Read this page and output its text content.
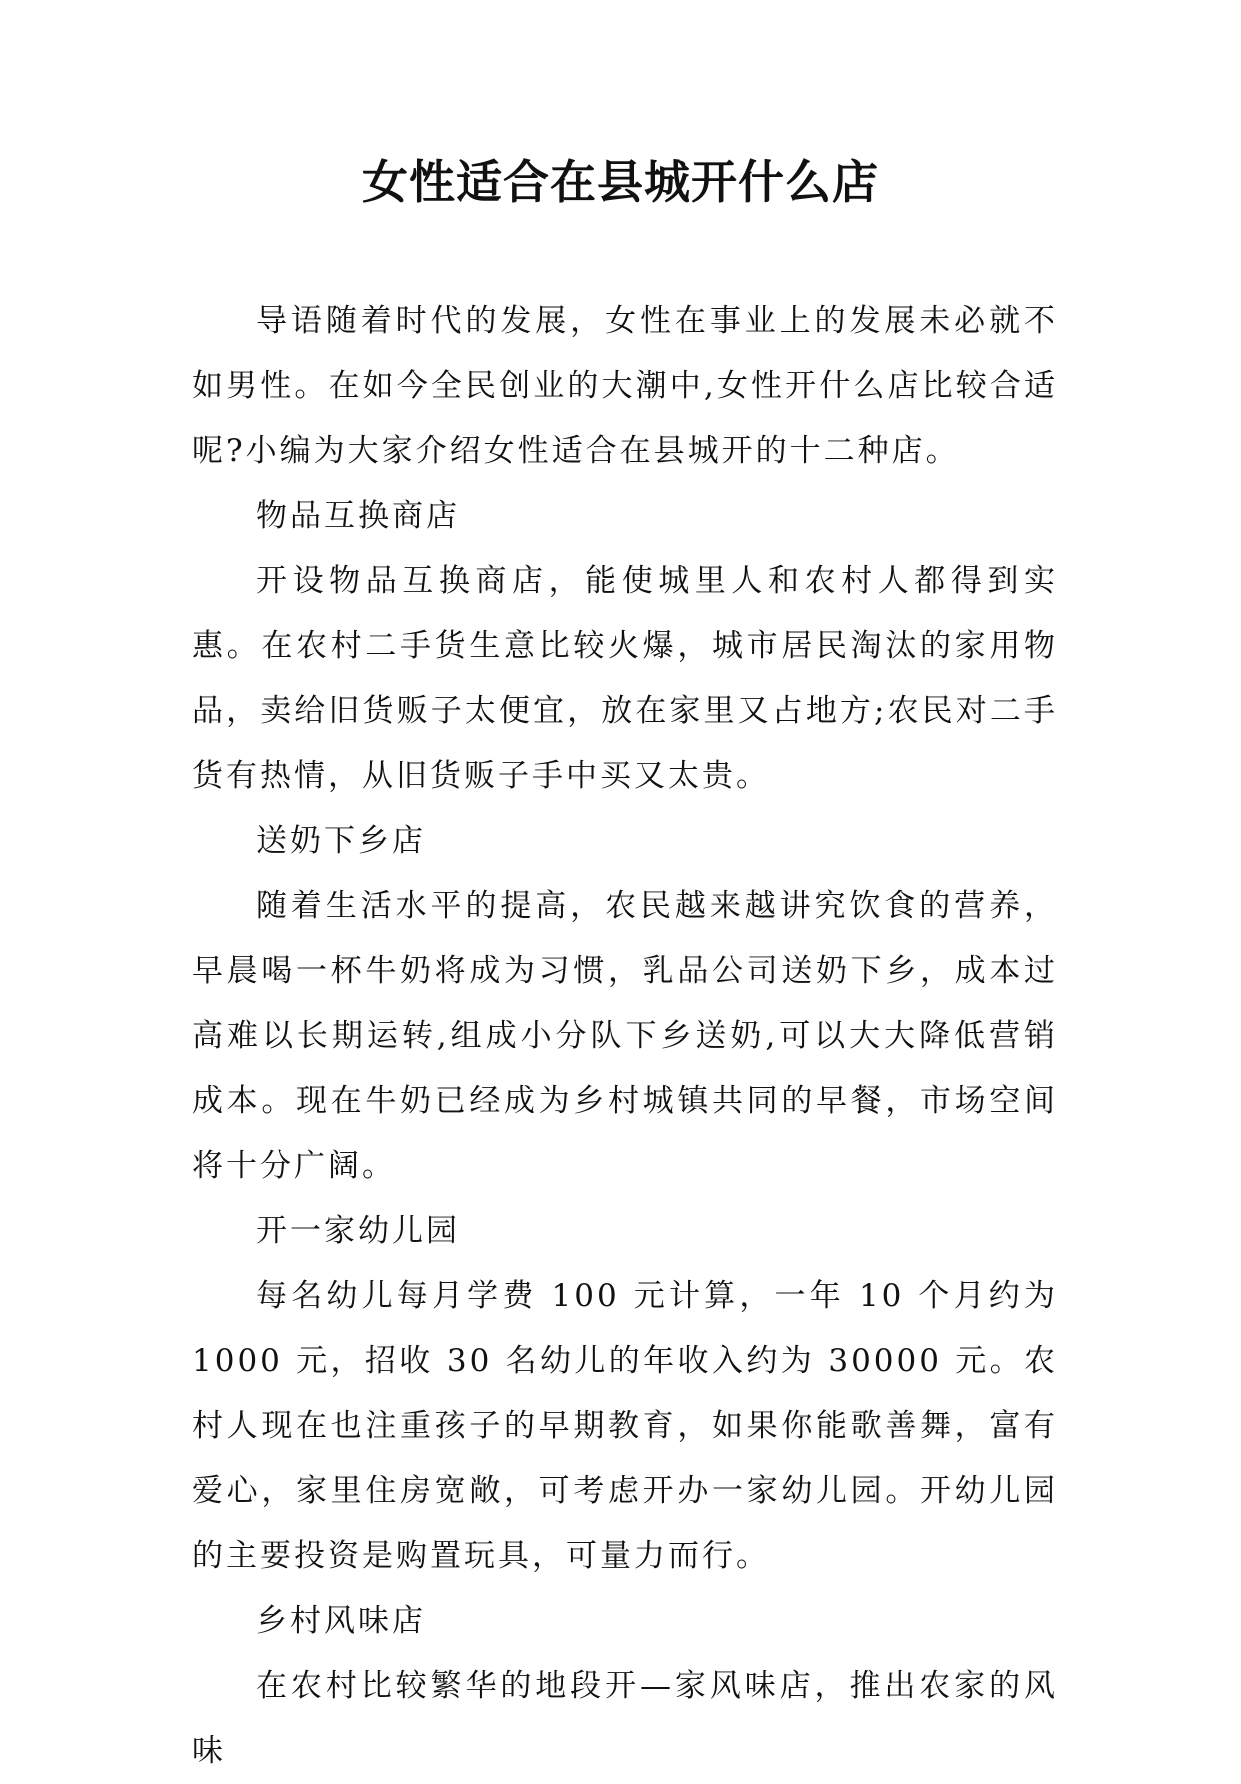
女性适合在县城开什么店

导语随着时代的发展，女性在事业上的发展未必就不如男性。在如今全民创业的大潮中,女性开什么店比较合适呢?小编为大家介绍女性适合在县城开的十二种店。

物品互换商店

开设物品互换商店，能使城里人和农村人都得到实惠。在农村二手货生意比较火爆，城市居民淘汰的家用物品，卖给旧货贩子太便宜，放在家里又占地方;农民对二手货有热情，从旧货贩子手中买又太贵。

送奶下乡店

随着生活水平的提高，农民越来越讲究饮食的营养，早晨喝一杯牛奶将成为习惯，乳品公司送奶下乡，成本过高难以长期运转,组成小分队下乡送奶,可以大大降低营销成本。现在牛奶已经成为乡村城镇共同的早餐，市场空间将十分广阔。

开一家幼儿园

每名幼儿每月学费 100 元计算，一年 10 个月约为 1000 元，招收 30 名幼儿的年收入约为 30000 元。农村人现在也注重孩子的早期教育，如果你能歌善舞，富有爱心，家里住房宽敞，可考虑开办一家幼儿园。开幼儿园的主要投资是购置玩具，可量力而行。

乡村风味店

在农村比较繁华的地段开—家风味店，推出农家的风味
